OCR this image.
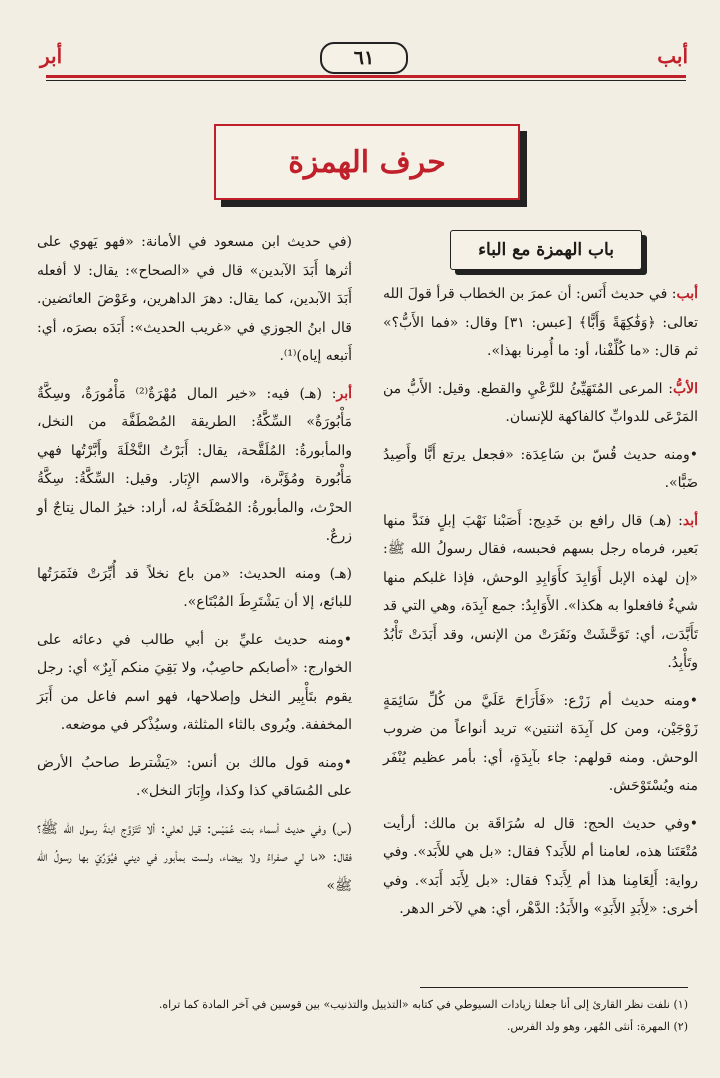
أبب
٦١
أبر
حرف الهمزة
باب الهمزة مع الباء

أبب: في حديث أَنَس: أن عمرَ بن الخطاب قرأ قولَ الله تعالى: ﴿وَفَٰكِهَةً وَأَبًّا﴾ [عبس: ٣١] وقال: «فما الأَبُّ؟» ثم قال: «ما كُلِّفْنا، أو: ما أُمِرنا بهذا».

الأبُّ: المرعى المُتَهَيِّئُ للرَّعْيِ والقطع. وقيل: الأَبُّ من المَرْعَى للدوابِّ كالفاكهة للإنسان.

•ومنه حديث قُسّ بن سَاعِدَة: «فجعل يرتع أَبًّا وأَصِيدُ ضَبًّا».

أبد: (هـ) قال رافع بن خَدِيج: أَصَبْنا نَهْبَ إبلٍ فنَدَّ منها بَعير، فرماه رجل بسهم فحبسه، فقال رسولُ الله ﷺ: «إن لهذه الإبل أَوَابِدَ كأَوَابِدِ الوحش، فإذا غلبكم منها شيءٌ فافعلوا به هكذا». الأَوَابِدُ: جمع آبِدَة، وهي التي قد تَأَبَّدَت، أي: تَوَحَّشَتْ ونَفَرَتْ من الإنس، وقد أَبَدَتْ تَأْبُدُ وتَأْبِدُ.

•ومنه حديث أم زَرْع: «فَأَرَاحَ عَلَيَّ من كُلِّ سَائِمَةٍ زَوْجَيْن، ومن كل آبِدَة اثنتين» تريد أنواعاً من ضروب الوحش. ومنه قولهم: جاء بآبِدَةٍ، أي: بأمر عظيم يُنْفَر منه ويُسْتَوْحَش.

•وفي حديث الحج: قال له سُرَاقَة بن مالك: أرأيت مُتْعَتَنا هذه، لعامنا أم للأَبَد؟ فقال: «بل هي للأَبَد». وفي رواية: أَلِعَامِنا هذا أم لِأَبَد؟ فقال: «بل لِأَبَد أَبَد». وفي أخرى: «لِأَبَدِ الأَبَدِ» والأَبَدُ: الدَّهْر، أي: هي لآخر الدهر.

(في حديث ابن مسعود في الأمانة: «فهو يَهوي على أثرها أَبَدَ الآبدين» قال في «الصحاح»: يقال: لا أفعله أَبَدَ الآبدين، كما يقال: دهرَ الداهرين، وعَوْضَ العائضين. قال ابنُ الجوزي في «غريب الحديث»: أَبَدَه بصرَه، أي: أَتبعه إياه)⁽¹⁾.

أبر: (هـ) فيه: «خير المال مُهْرَةٌ⁽²⁾ مَأْمُورَةٌ، وسِكَّةٌ مَأْبُورَةٌ» السِّكَّةُ: الطريقة المُصْطَفَّة من النخل، والمأبورةُ: المُلَقَّحة، يقال: أَبَرْتُ النَّخْلَةَ وأَبَّرْتُها فهي مَأْبُورة ومُؤَبَّرة، والاسم الإِبَار. وقيل: السِّكَّةُ: سِكَّةُ الحرْث، والمأبورةُ: المُصْلَحَةُ له، أراد: خيرُ المال نِتاجٌ أو زرعٌ.

(هـ) ومنه الحديث: «من باع نخلاً قد أُبِّرَتْ فثَمَرَتُها للبائع، إلا أن يَشْتَرِطَ المُبْتَاع».

•ومنه حديث عليِّ بن أبي طالب في دعائه على الخوارج: «أصابكم حاصِبٌ، ولا بَقِيَ منكم آبِرٌ» أي: رجل يقوم بتَأْبِير النخل وإصلاحها، فهو اسم فاعل من أَبَرَ المخففة. ويُروى بالثاء المثلثة، وسيُذْكر في موضعه.

•ومنه قول مالك بن أنس: «يَشْترط صاحبُ الأرض على المُسَاقي كذا وكذا، وإِبَارَ النخل».

(س) وفي حديث أسماء بنت عُمَيْس: قيل لعلي: ألا تَتَزَوَّج ابنةَ رسول الله ﷺ؟ فقال: «ما لي صفراءُ ولا بيضاء، ولست بمأبور في ديني فيُوَرِّيَ بها رسولُ الله ﷺ»

(١) نلفت نظر القارئ إلى أنا جعلنا زيادات السيوطي في كتابه «التذييل والتذنيب» بين قوسين في آخر المادة كما تراه.
(٢) المهرة: أنثى المُهر، وهو ولد الفرس.
